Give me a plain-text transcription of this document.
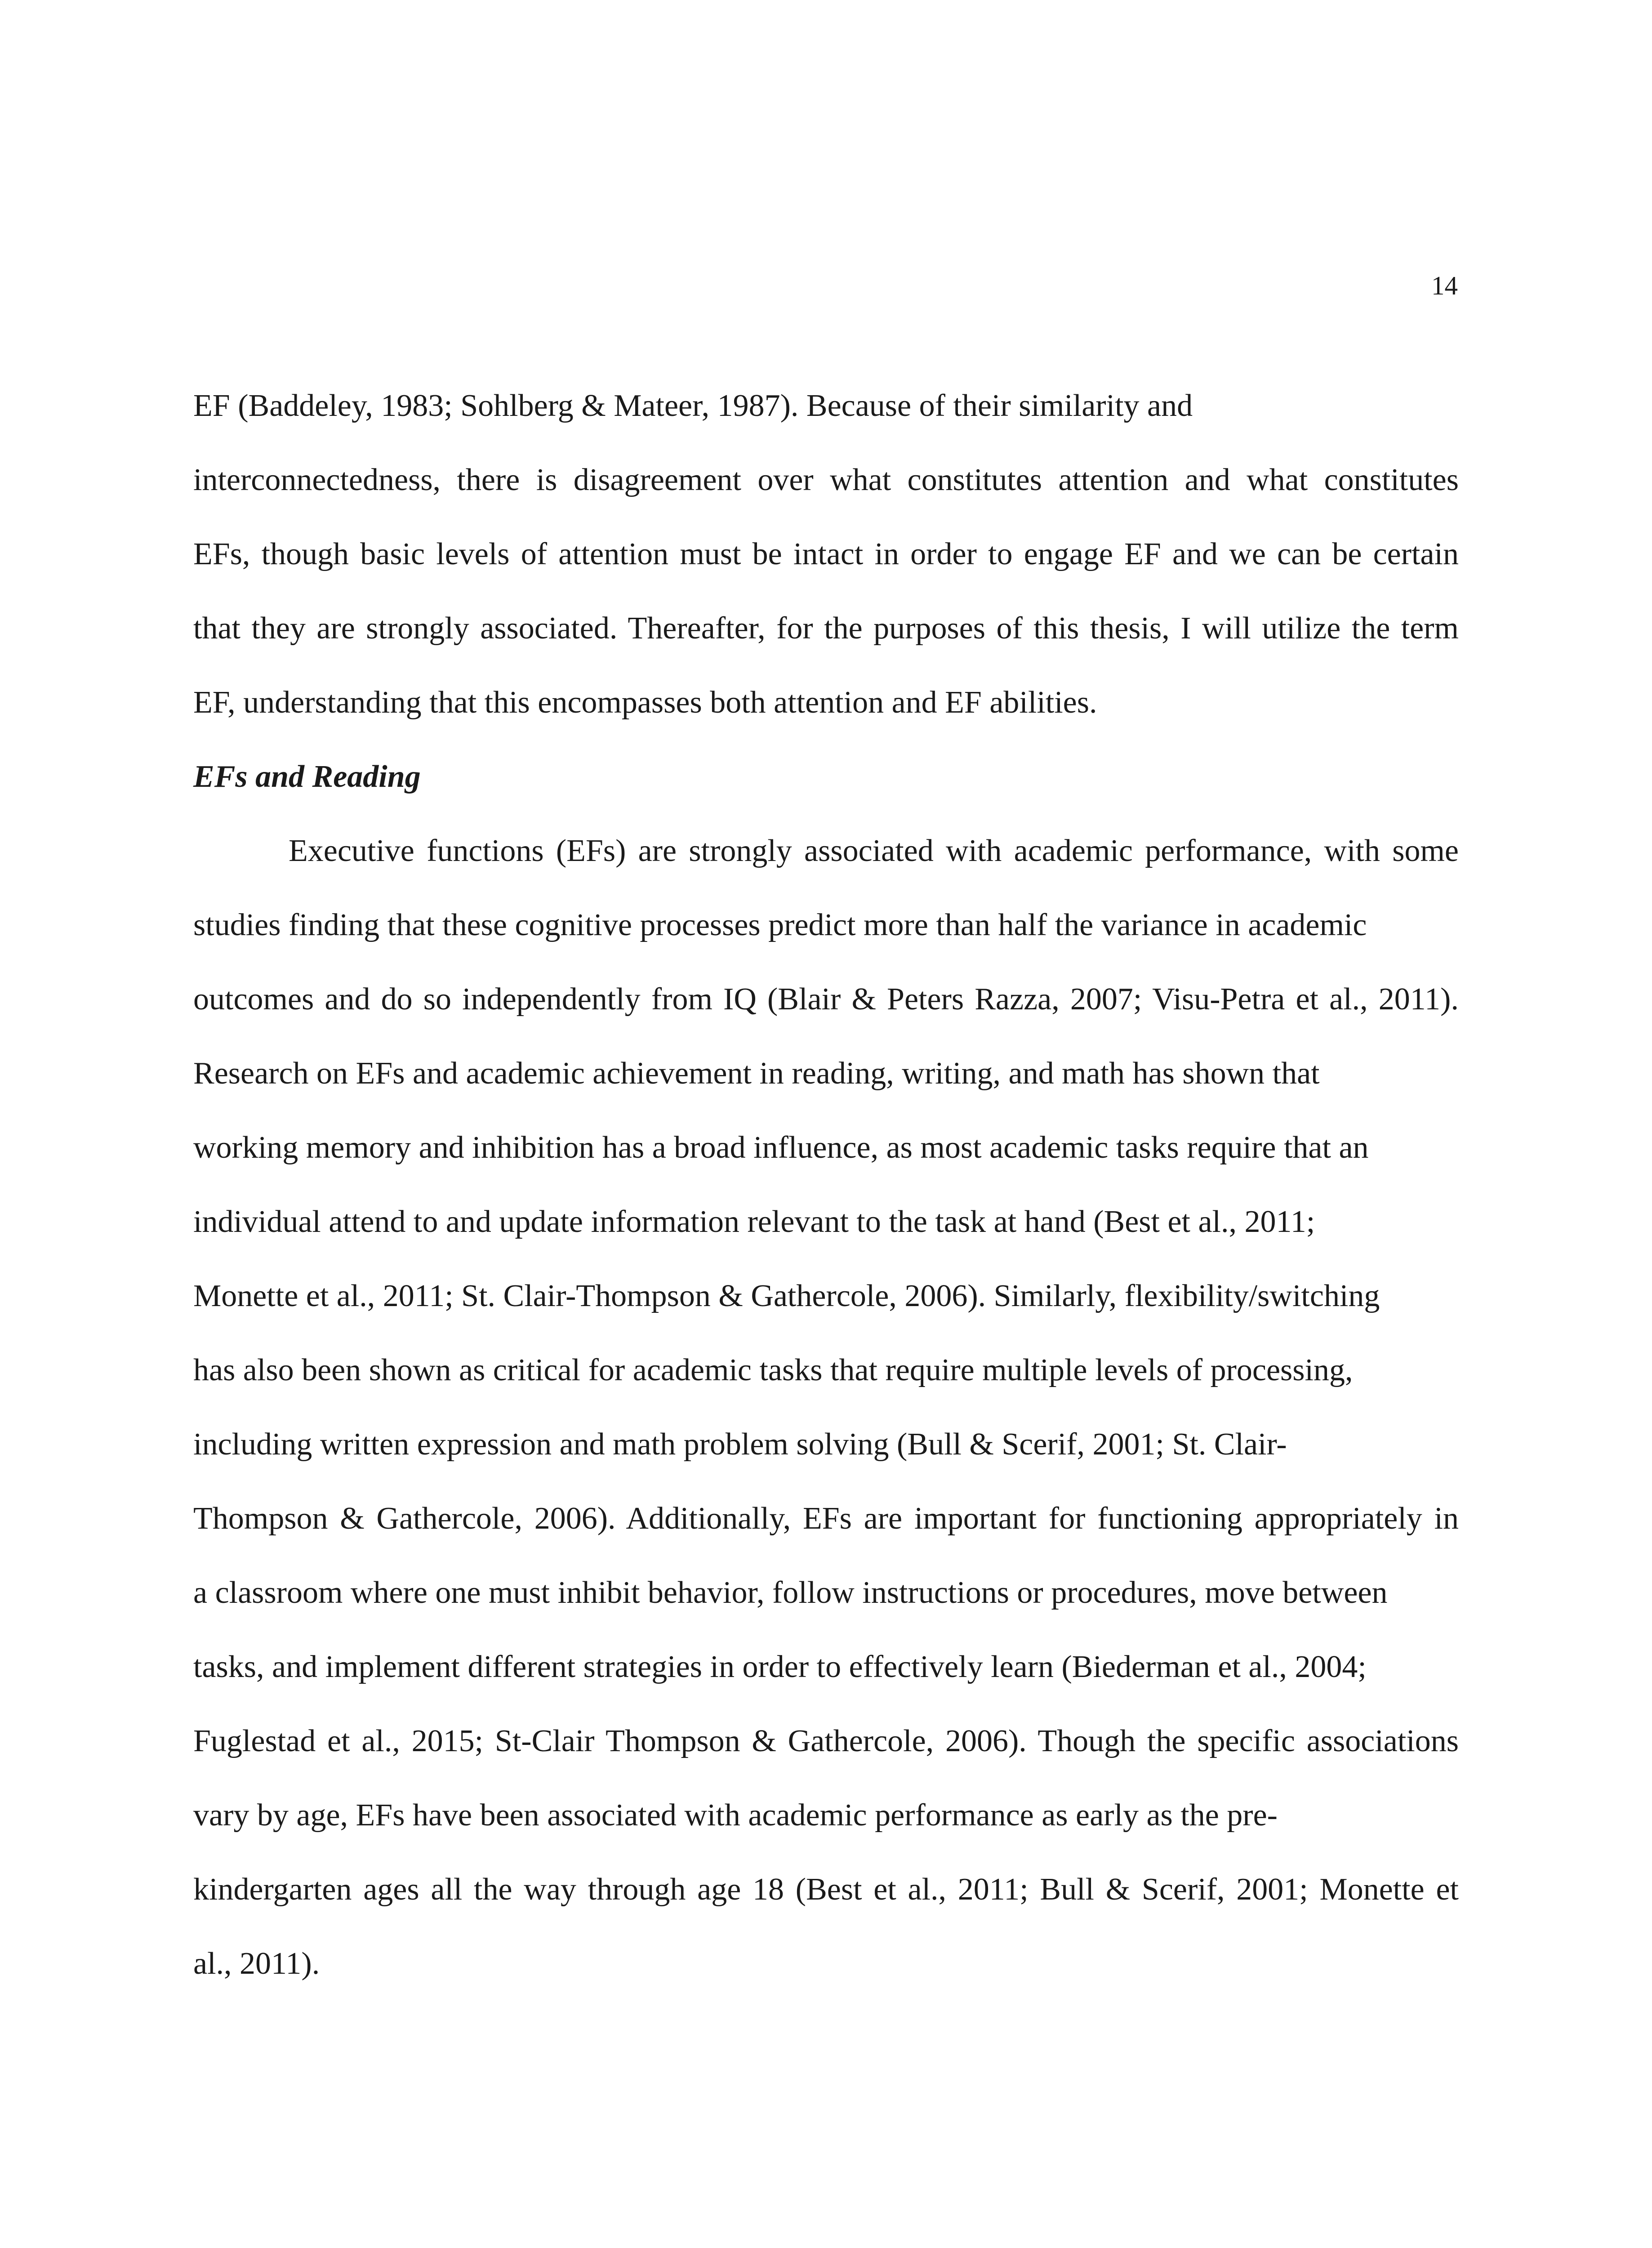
14
EF (Baddeley, 1983; Sohlberg & Mateer, 1987). Because of their similarity and
interconnectedness, there is disagreement over what constitutes attention and what constitutes
EFs, though basic levels of attention must be intact in order to engage EF and we can be certain
that they are strongly associated. Thereafter, for the purposes of this thesis, I will utilize the term
EF, understanding that this encompasses both attention and EF abilities.
EFs and Reading
Executive functions (EFs) are strongly associated with academic performance, with some
studies finding that these cognitive processes predict more than half the variance in academic
outcomes and do so independently from IQ (Blair & Peters Razza, 2007; Visu-Petra et al., 2011).
Research on EFs and academic achievement in reading, writing, and math has shown that
working memory and inhibition has a broad influence, as most academic tasks require that an
individual attend to and update information relevant to the task at hand (Best et al., 2011;
Monette et al., 2011; St. Clair-Thompson & Gathercole, 2006). Similarly, flexibility/switching
has also been shown as critical for academic tasks that require multiple levels of processing,
including written expression and math problem solving (Bull & Scerif, 2001; St. Clair-
Thompson & Gathercole, 2006). Additionally, EFs are important for functioning appropriately in
a classroom where one must inhibit behavior, follow instructions or procedures, move between
tasks, and implement different strategies in order to effectively learn (Biederman et al., 2004;
Fuglestad et al., 2015; St-Clair Thompson & Gathercole, 2006). Though the specific associations
vary by age, EFs have been associated with academic performance as early as the pre-
kindergarten ages all the way through age 18 (Best et al., 2011; Bull & Scerif, 2001; Monette et
al., 2011).
